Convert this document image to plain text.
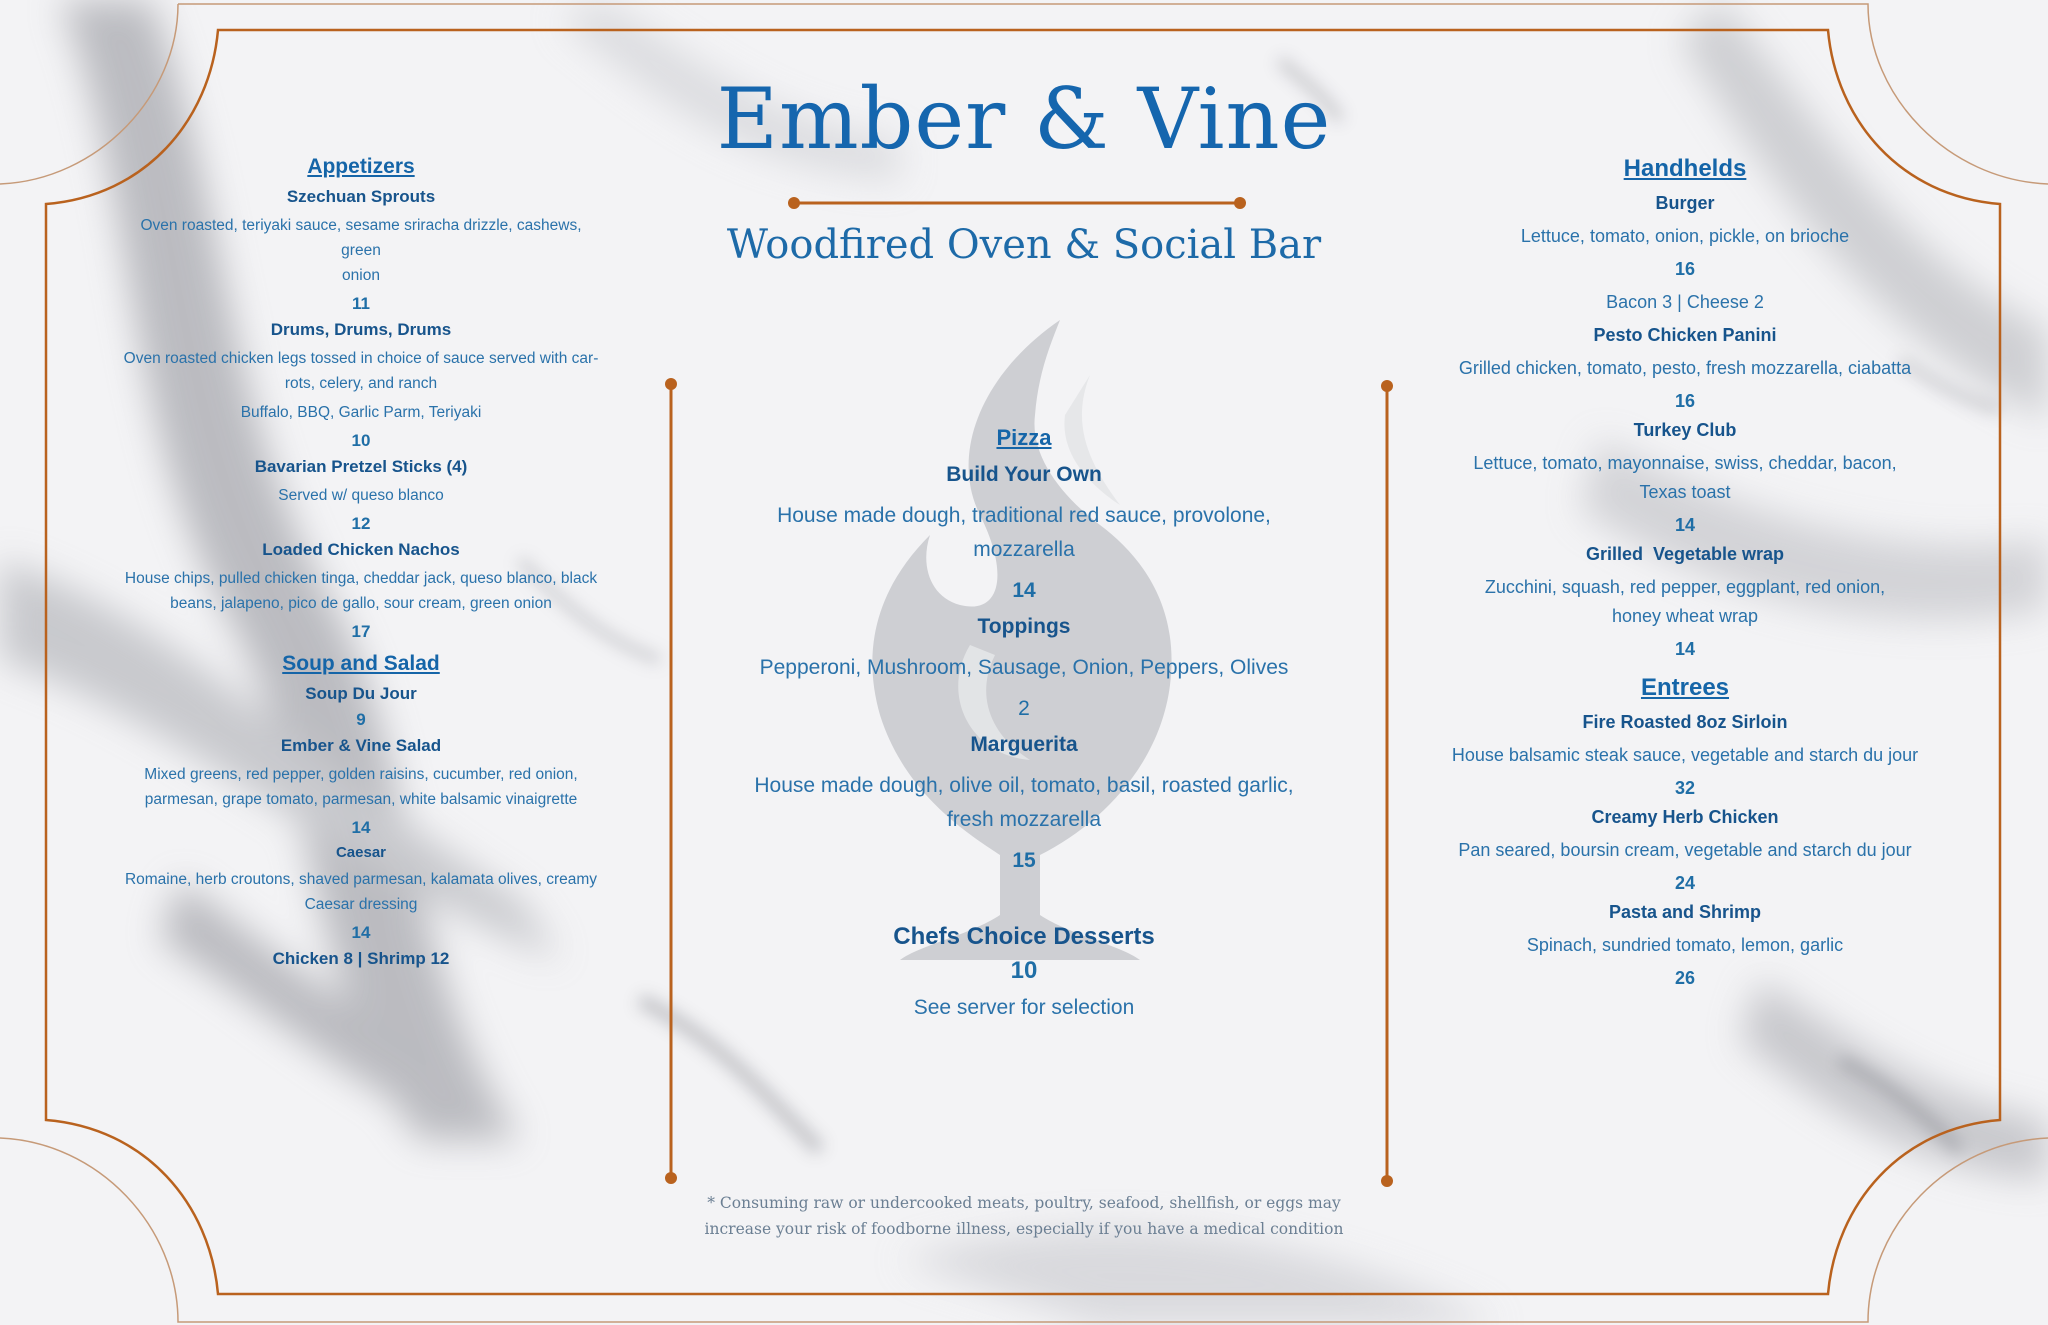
Ember & Vine
Woodfired Oven & Social Bar
Appetizers
Szechuan Sprouts
Oven roasted, teriyaki sauce, sesame sriracha drizzle, cashews, green
onion
11
Drums, Drums, Drums
Oven roasted chicken legs tossed in choice of sauce served with car-
rots, celery, and ranch
Buffalo, BBQ, Garlic Parm, Teriyaki
10
Bavarian Pretzel Sticks (4)
Served w/ queso blanco
12
Loaded Chicken Nachos
House chips, pulled chicken tinga, cheddar jack, queso blanco, black
beans, jalapeno, pico de gallo, sour cream, green onion
17
Soup and Salad
Soup Du Jour
9
Ember & Vine Salad
Mixed greens, red pepper, golden raisins, cucumber, red onion,
parmesan, grape tomato, parmesan, white balsamic vinaigrette
14
Caesar
Romaine, herb croutons, shaved parmesan, kalamata olives, creamy
Caesar dressing
14
Chicken 8 | Shrimp 12
Pizza
Build Your Own
House made dough, traditional red sauce, provolone,
mozzarella
14
Toppings
Pepperoni, Mushroom, Sausage, Onion, Peppers, Olives
2
Marguerita
House made dough, olive oil, tomato, basil, roasted garlic,
fresh mozzarella
15
Chefs Choice Desserts
10
See server for selection
Handhelds
Burger
Lettuce, tomato, onion, pickle, on brioche
16
Bacon 3 | Cheese 2
Pesto Chicken Panini
Grilled chicken, tomato, pesto, fresh mozzarella, ciabatta
16
Turkey Club
Lettuce, tomato, mayonnaise, swiss, cheddar, bacon,
Texas toast
14
Grilled  Vegetable wrap
Zucchini, squash, red pepper, eggplant, red onion,
honey wheat wrap
14
Entrees
Fire Roasted 8oz Sirloin
House balsamic steak sauce, vegetable and starch du jour
32
Creamy Herb Chicken
Pan seared, boursin cream, vegetable and starch du jour
24
Pasta and Shrimp
Spinach, sundried tomato, lemon, garlic
26
* Consuming raw or undercooked meats, poultry, seafood, shellfish, or eggs may
increase your risk of foodborne illness, especially if you have a medical condition
